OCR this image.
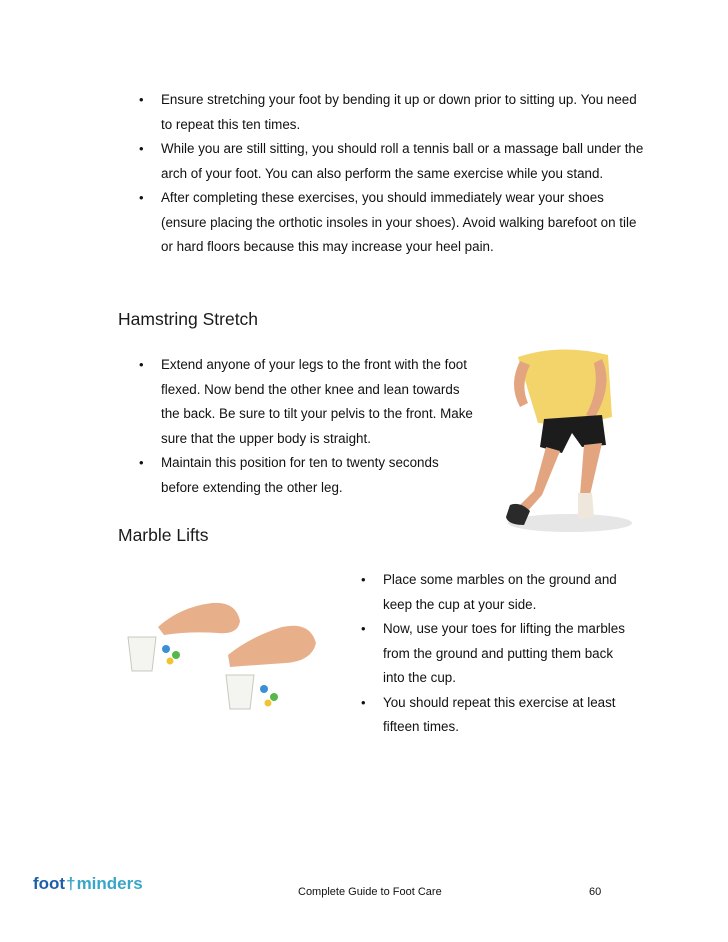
• Ensure stretching your foot by bending it up or down prior to sitting up. You need to repeat this ten times.
• While you are still sitting, you should roll a tennis ball or a massage ball under the arch of your foot. You can also perform the same exercise while you stand.
• After completing these exercises, you should immediately wear your shoes (ensure placing the orthotic insoles in your shoes). Avoid walking barefoot on tile or hard floors because this may increase your heel pain.
Hamstring Stretch
• Extend anyone of your legs to the front with the foot flexed. Now bend the other knee and lean towards the back. Be sure to tilt your pelvis to the front. Make sure that the upper body is straight.
• Maintain this position for ten to twenty seconds before extending the other leg.
Marble Lifts
• Place some marbles on the ground and keep the cup at your side.
• Now, use your toes for lifting the marbles from the ground and putting them back into the cup.
• You should repeat this exercise at least fifteen times.
foot † minders	Complete Guide to Foot Care	60
